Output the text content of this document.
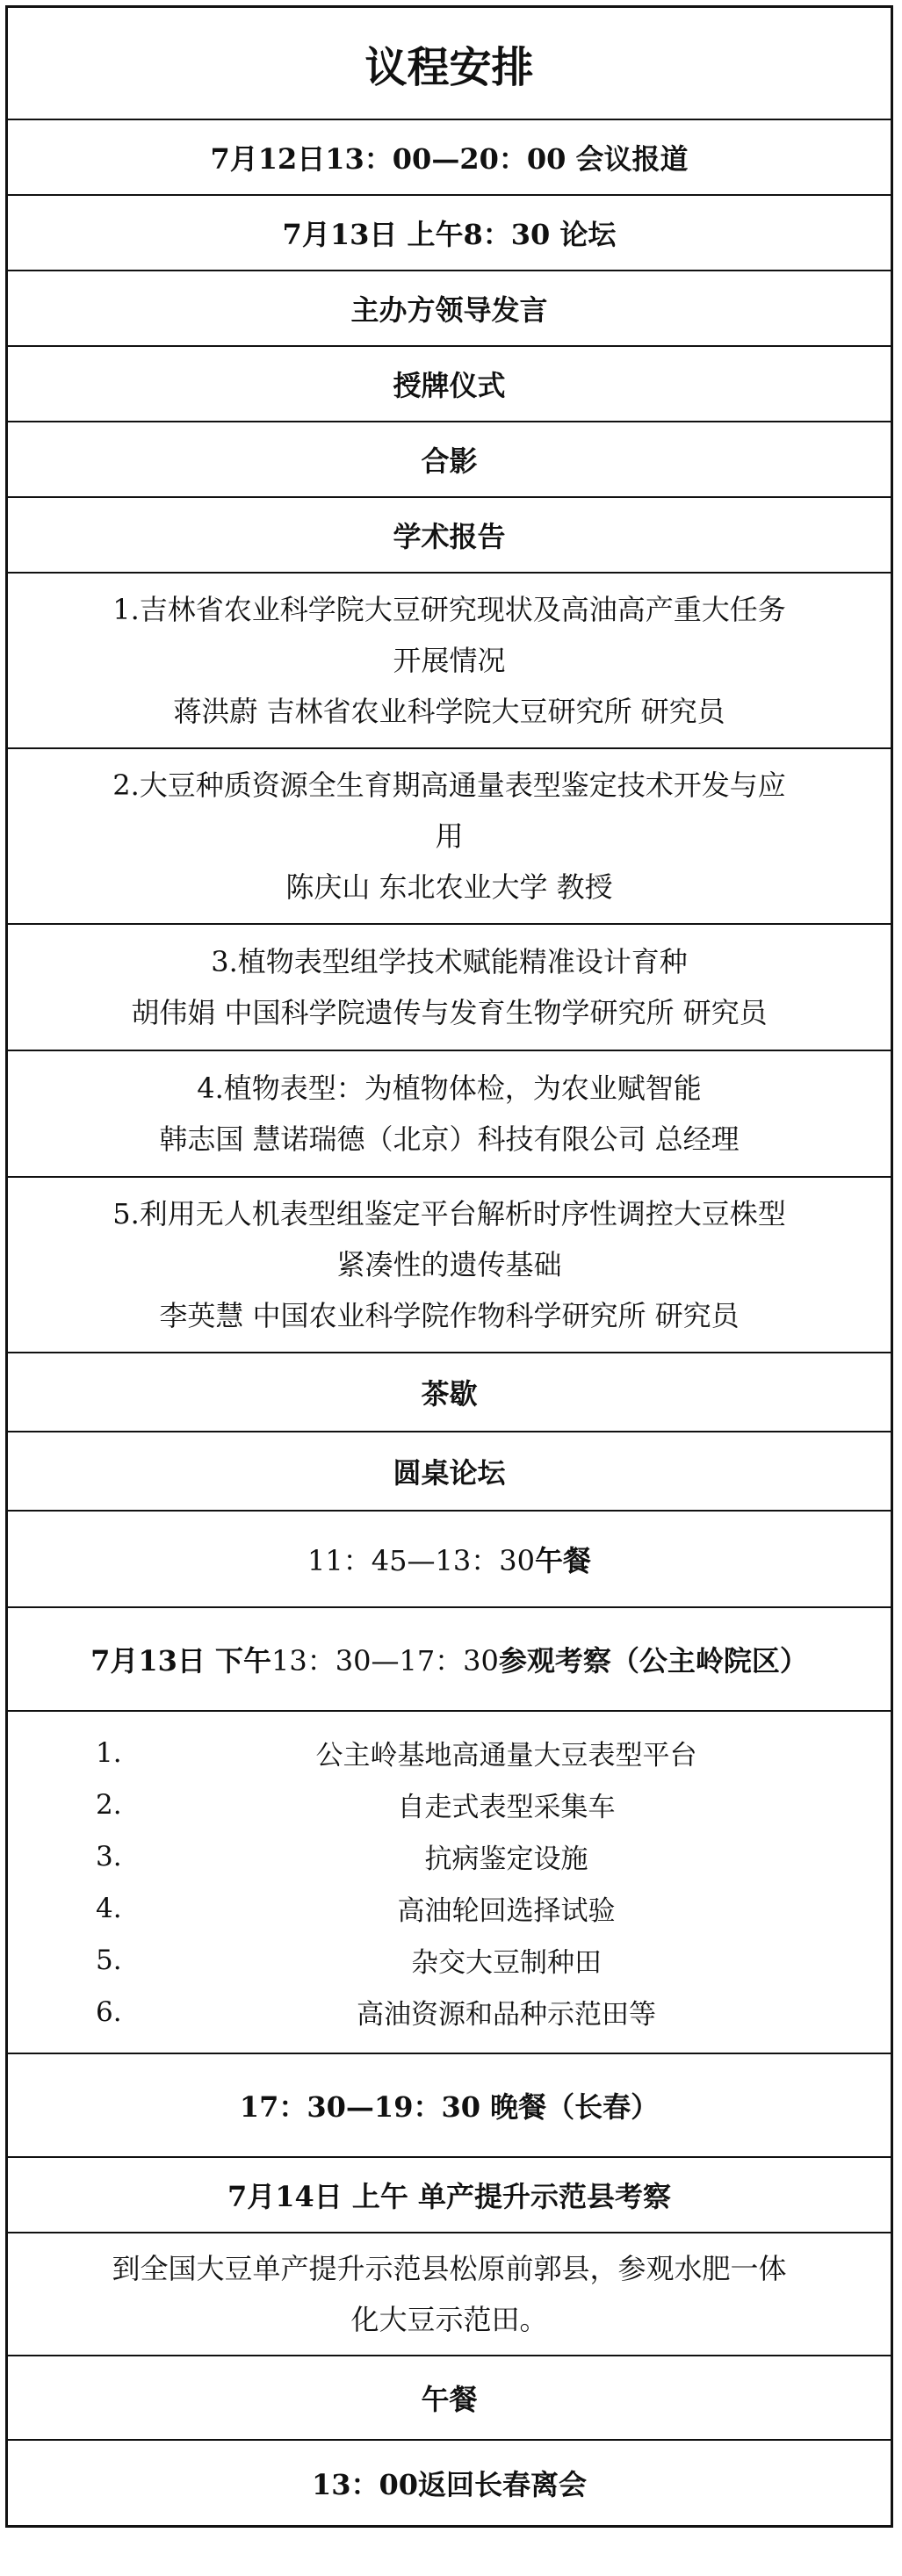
议程安排
7月12日13：00—20：00 会议报道
7月13日 上午8：30 论坛
主办方领导发言
授牌仪式
合影
学术报告
1.吉林省农业科学院大豆研究现状及高油高产重大任务
开展情况
蒋洪蔚 吉林省农业科学院大豆研究所 研究员
2.大豆种质资源全生育期高通量表型鉴定技术开发与应
用
陈庆山 东北农业大学 教授
3.植物表型组学技术赋能精准设计育种
胡伟娟 中国科学院遗传与发育生物学研究所 研究员
4.植物表型：为植物体检，为农业赋智能
韩志国 慧诺瑞德（北京）科技有限公司 总经理
5.利用无人机表型组鉴定平台解析时序性调控大豆株型
紧凑性的遗传基础
李英慧 中国农业科学院作物科学研究所 研究员
茶歇
圆桌论坛
11：45—13：30午餐
7月13日 下午13：30—17：30参观考察（公主岭院区）
1.	公主岭基地高通量大豆表型平台
2.	自走式表型采集车
3.	抗病鉴定设施
4.	高油轮回选择试验
5.	杂交大豆制种田
6.	高油资源和品种示范田等
17：30—19：30 晚餐（长春）
7月14日 上午 单产提升示范县考察
到全国大豆单产提升示范县松原前郭县，参观水肥一体
化大豆示范田。
午餐
13：00返回长春离会
